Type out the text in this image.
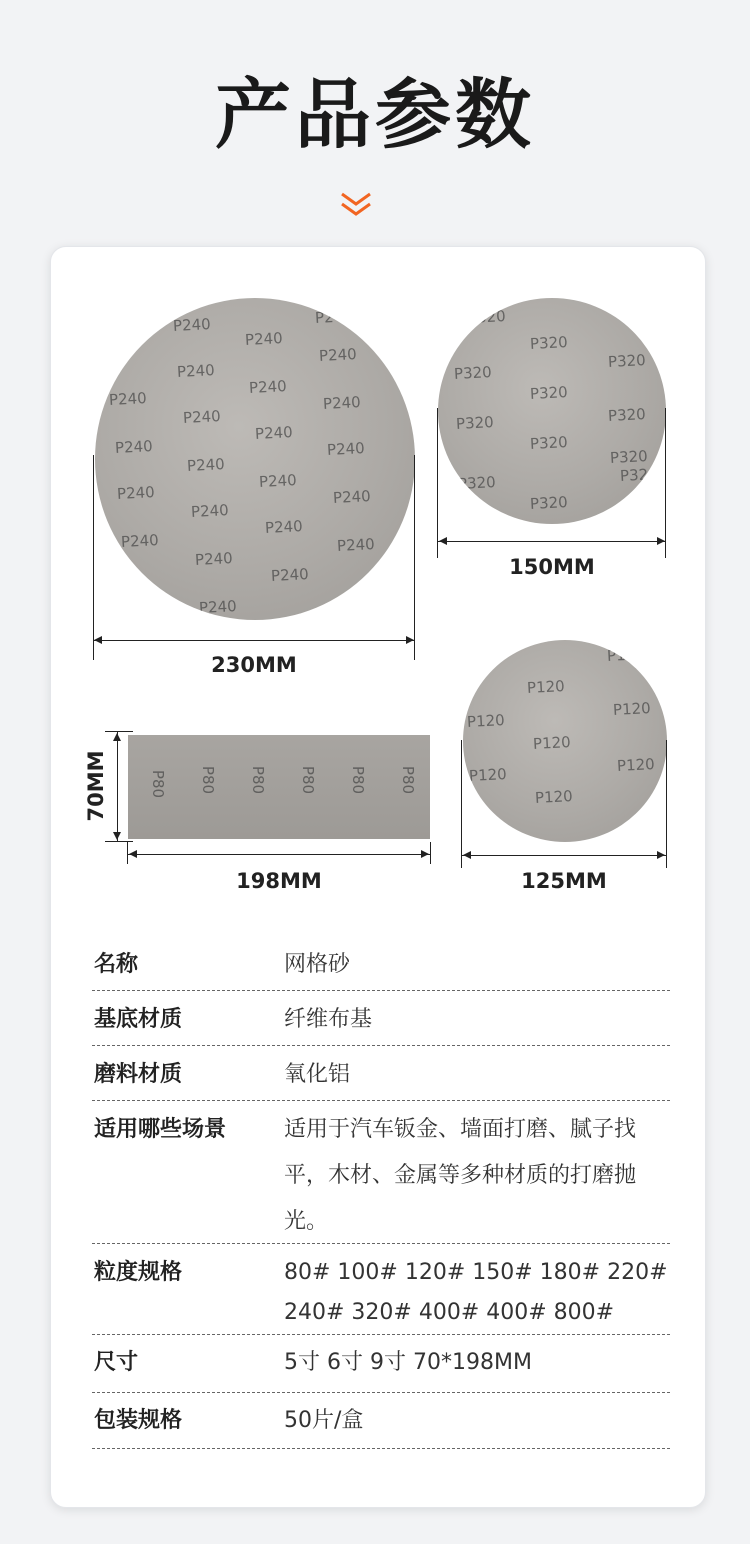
产品参数
P240
P240
P240
P240
P240
P240
P240
P240
P240
P240
P240
P240
P240
P240
P240
P240
P240
P240
P240
P240
P240
P240
P240
230MM
P320
P320
P320
P320
P320
P320
P320
P320
P320
P320
P320
P320
150MM
P80 P80 P80 P80 P80 P80
70MM
198MM
P120
P120
P120
P120
P120
P120
P120
P120
125MM
名称	网格砂
基底材质	纤维布基
磨料材质	氧化铝
适用哪些场景	适用于汽车钣金、墙面打磨、腻子找平，木材、金属等多种材质的打磨抛光。
粒度规格	80# 100# 120# 150# 180# 220# 240# 320# 400# 400# 800#
尺寸	5寸 6寸 9寸 70*198MM
包装规格	50片/盒
